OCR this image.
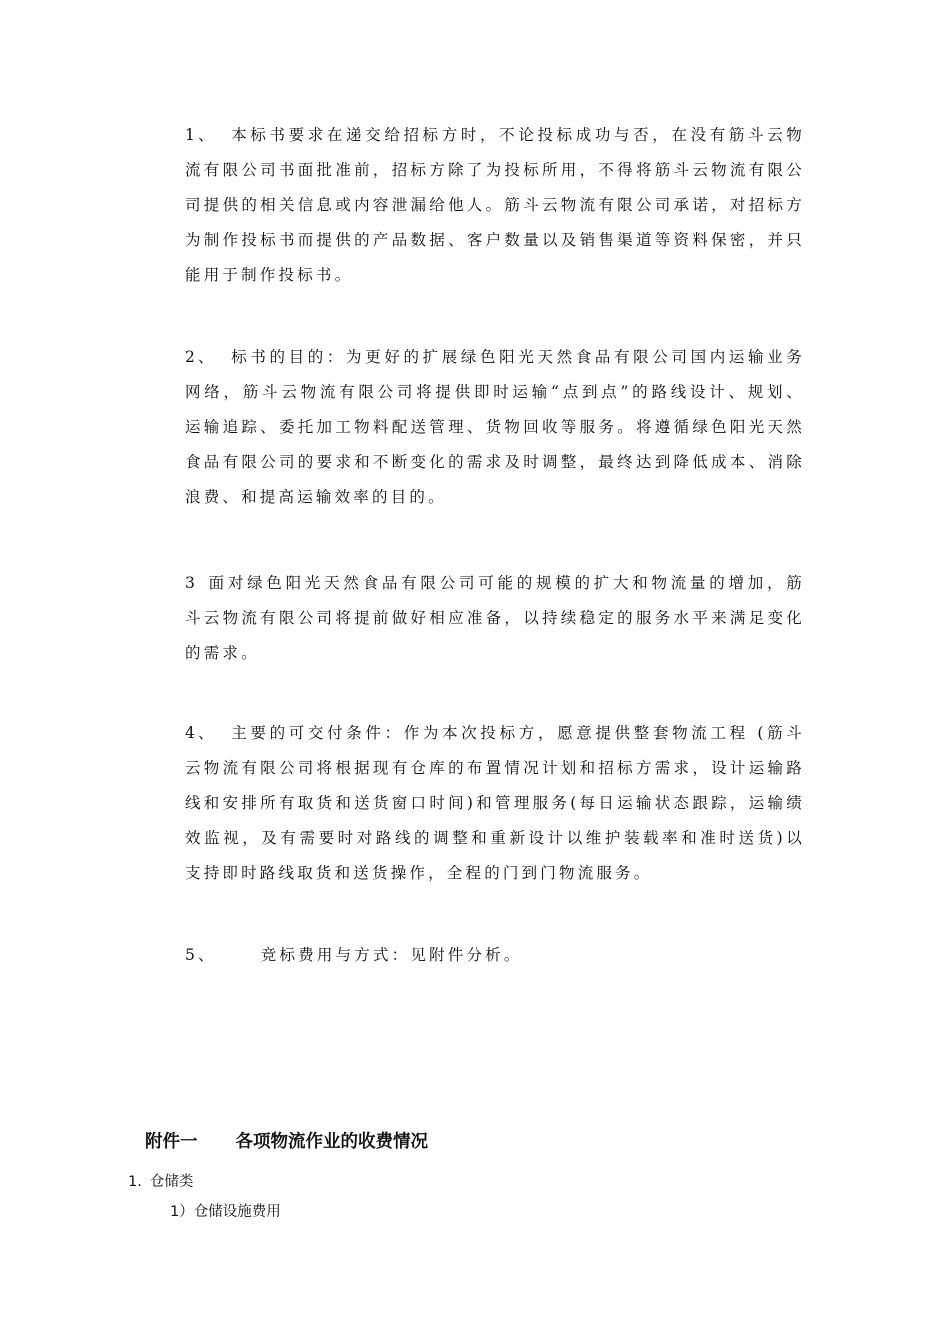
1、 本标书要求在递交给招标方时，不论投标成功与否，在没有筋斗云物流有限公司书面批准前，招标方除了为投标所用，不得将筋斗云物流有限公司提供的相关信息或内容泄漏给他人。筋斗云物流有限公司承诺，对招标方为制作投标书而提供的产品数据、客户数量以及销售渠道等资料保密，并只能用于制作投标书。

2、 标书的目的：为更好的扩展绿色阳光天然食品有限公司国内运输业务网络，筋斗云物流有限公司将提供即时运输“点到点”的路线设计、规划、运输追踪、委托加工物料配送管理、货物回收等服务。将遵循绿色阳光天然食品有限公司的要求和不断变化的需求及时调整，最终达到降低成本、消除浪费、和提高运输效率的目的。

3 面对绿色阳光天然食品有限公司可能的规模的扩大和物流量的增加，筋斗云物流有限公司将提前做好相应准备，以持续稳定的服务水平来满足变化的需求。

4、 主要的可交付条件：作为本次投标方，愿意提供整套物流工程 (筋斗云物流有限公司将根据现有仓库的布置情况计划和招标方需求，设计运输路线和安排所有取货和送货窗口时间)和管理服务(每日运输状态跟踪，运输绩效监视，及有需要时对路线的调整和重新设计以维护装载率和准时送货)以支持即时路线取货和送货操作，全程的门到门物流服务。

5、	竞标费用与方式：见附件分析。

附件一 各项物流作业的收费情况

1. 仓储类

1）仓储设施费用
